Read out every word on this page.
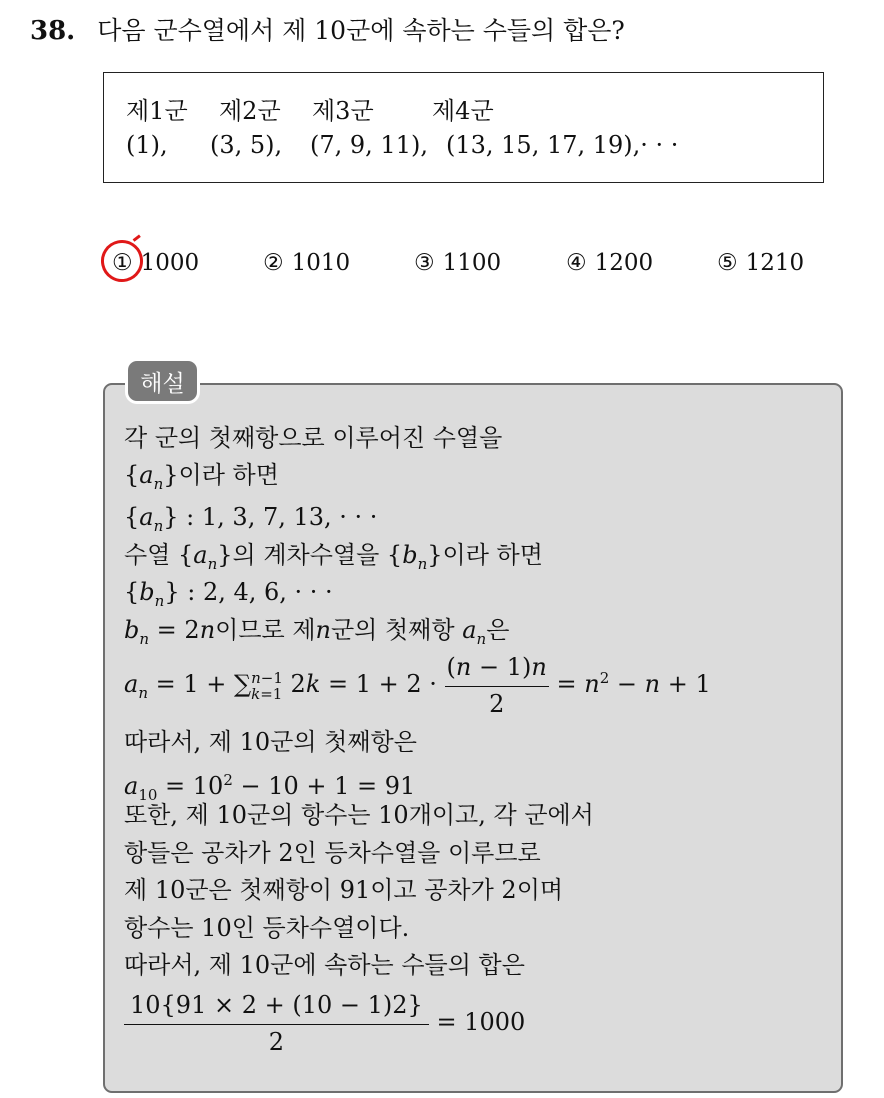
38. 다음 군수열에서 제 10군에 속하는 수들의 합은?
제1군 제2군 제3군 제4군
(1), (3, 5), (7, 9, 11), (13, 15, 17, 19),· · ·
① 1000	② 1010	③ 1100	④ 1200	⑤ 1210
해설
각 군의 첫째항으로 이루어진 수열을
$\{a_n\}$이라 하면
$\{a_n\}$ : 1, 3, 7, 13, · · ·
수열 $\{a_n\}$의 계차수열을 $\{b_n\}$이라 하면
$\{b_n\}$ : 2, 4, 6, · · ·
$b_n = 2n$이므로 제n군의 첫째항 $a_n$은
$a_n = 1$ + ∑ n−1
k=1 $2k = 1 + 2 \cdot \frac{(n - 1)n}{2} = n^2 - n + 1$
따라서, 제 10군의 첫째항은
$a_{10} = 10^2 - 10 + 1 = 91$
또한, 제 10군의 항수는 10개이고, 각 군에서
항들은 공차가 2인 등차수열을 이루므로
제 10군은 첫째항이 91이고 공차가 2이며
항수는 10인 등차수열이다.
따라서, 제 10군에 속하는 수들의 합은
$\frac{10\{91 \times 2 + (10 - 1)2\}}{2} = 1000$
